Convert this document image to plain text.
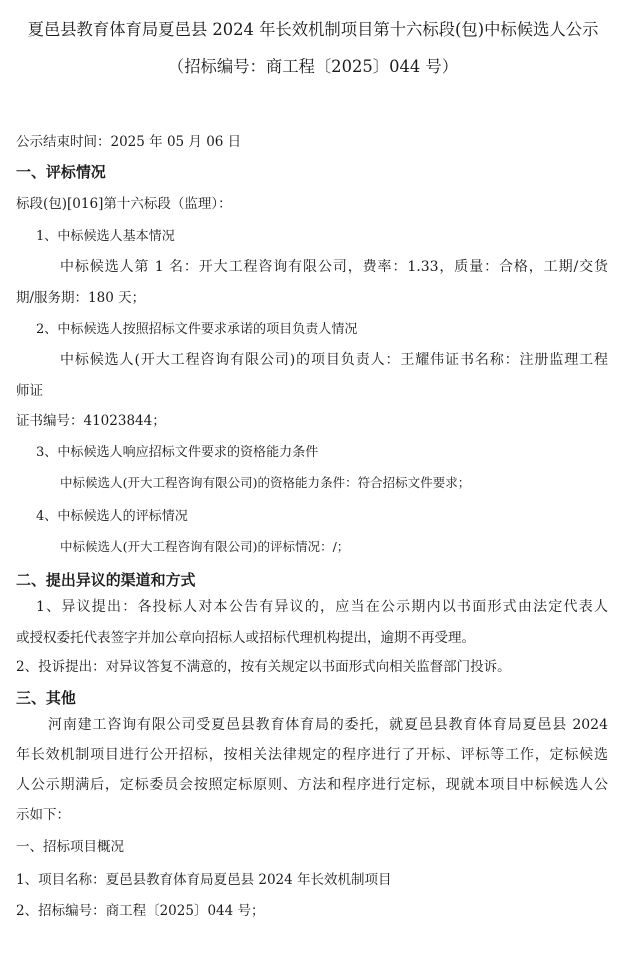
夏邑县教育体育局夏邑县 2024 年长效机制项目第十六标段(包)中标候选人公示
（招标编号：商工程〔2025〕044 号）
公示结束时间：2025 年 05 月 06 日
一、评标情况
标段(包)[016]第十六标段（监理）：
1、中标候选人基本情况
中标候选人第 1 名：开大工程咨询有限公司，费率：1.33，质量：合格，工期/交货
期/服务期：180 天；
2、中标候选人按照招标文件要求承诺的项目负责人情况
中标候选人(开大工程咨询有限公司)的项目负责人：王耀伟证书名称：注册监理工程
师证
证书编号：41023844；
3、中标候选人响应招标文件要求的资格能力条件
中标候选人(开大工程咨询有限公司)的资格能力条件：符合招标文件要求；
4、中标候选人的评标情况
中标候选人(开大工程咨询有限公司)的评标情况：/；
二、提出异议的渠道和方式
1、异议提出：各投标人对本公告有异议的，应当在公示期内以书面形式由法定代表人
或授权委托代表签字并加公章向招标人或招标代理机构提出，逾期不再受理。
2、投诉提出：对异议答复不满意的，按有关规定以书面形式向相关监督部门投诉。
三、其他
河南建工咨询有限公司受夏邑县教育体育局的委托，就夏邑县教育体育局夏邑县 2024
年长效机制项目进行公开招标，按相关法律规定的程序进行了开标、评标等工作，定标候选
人公示期满后，定标委员会按照定标原则、方法和程序进行定标，现就本项目中标候选人公
示如下：
一、招标项目概况
1、项目名称：夏邑县教育体育局夏邑县 2024 年长效机制项目
2、招标编号：商工程〔2025〕044 号；
